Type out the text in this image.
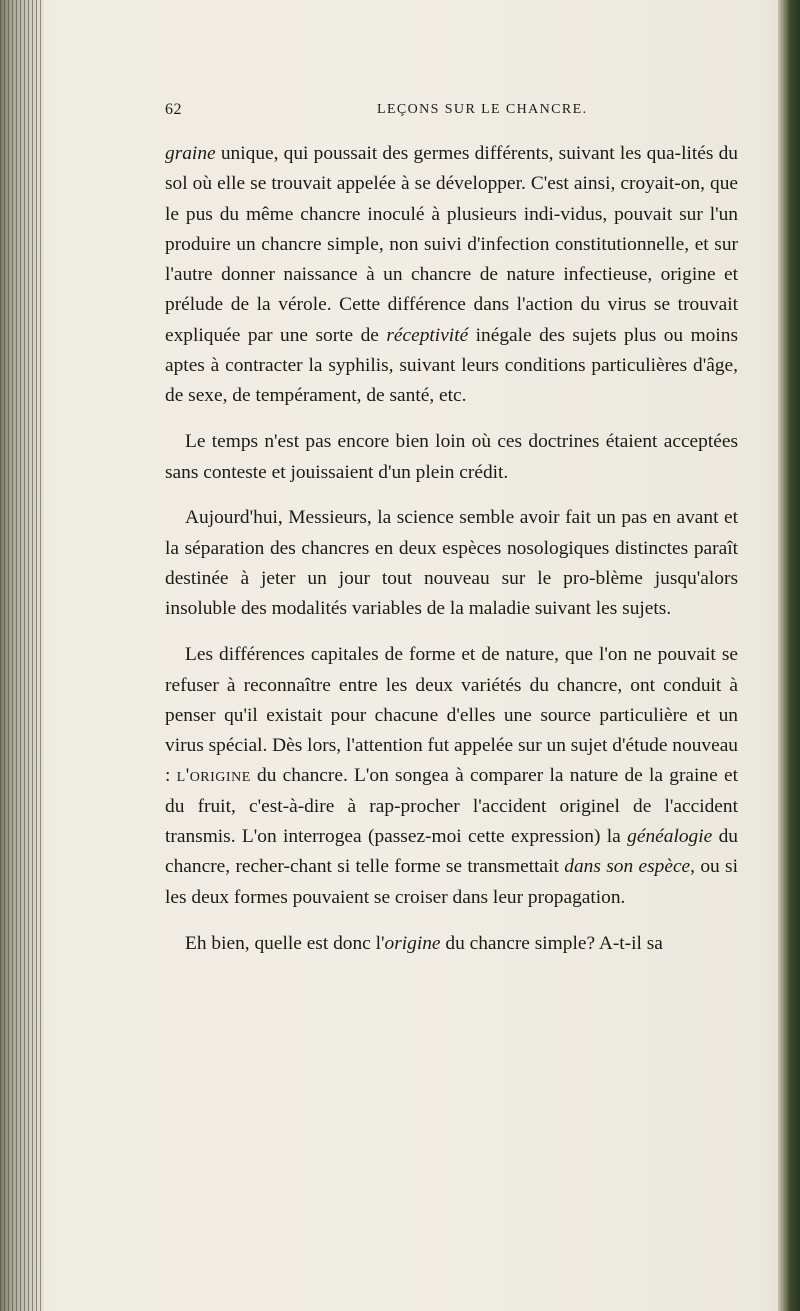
62	LEÇONS SUR LE CHANCRE.

graine unique, qui poussait des germes différents, suivant les qua-lités du sol où elle se trouvait appelée à se développer. C'est ainsi, croyait-on, que le pus du même chancre inoculé à plusieurs indi-vidus, pouvait sur l'un produire un chancre simple, non suivi d'infection constitutionnelle, et sur l'autre donner naissance à un chancre de nature infectieuse, origine et prélude de la vérole. Cette différence dans l'action du virus se trouvait expliquée par une sorte de réceptivité inégale des sujets plus ou moins aptes à contracter la syphilis, suivant leurs conditions particulières d'âge, de sexe, de tempérament, de santé, etc.

Le temps n'est pas encore bien loin où ces doctrines étaient acceptées sans conteste et jouissaient d'un plein crédit.

Aujourd'hui, Messieurs, la science semble avoir fait un pas en avant et la séparation des chancres en deux espèces nosologiques distinctes paraît destinée à jeter un jour tout nouveau sur le pro-blème jusqu'alors insoluble des modalités variables de la maladie suivant les sujets.

Les différences capitales de forme et de nature, que l'on ne pouvait se refuser à reconnaître entre les deux variétés du chancre, ont conduit à penser qu'il existait pour chacune d'elles une source particulière et un virus spécial. Dès lors, l'attention fut appelée sur un sujet d'étude nouveau : l'origine du chancre. L'on songea à comparer la nature de la graine et du fruit, c'est-à-dire à rap-procher l'accident originel de l'accident transmis. L'on interrogea (passez-moi cette expression) la généalogie du chancre, recher-chant si telle forme se transmettait dans son espèce, ou si les deux formes pouvaient se croiser dans leur propagation.

Eh bien, quelle est donc l'origine du chancre simple? A-t-il sa
